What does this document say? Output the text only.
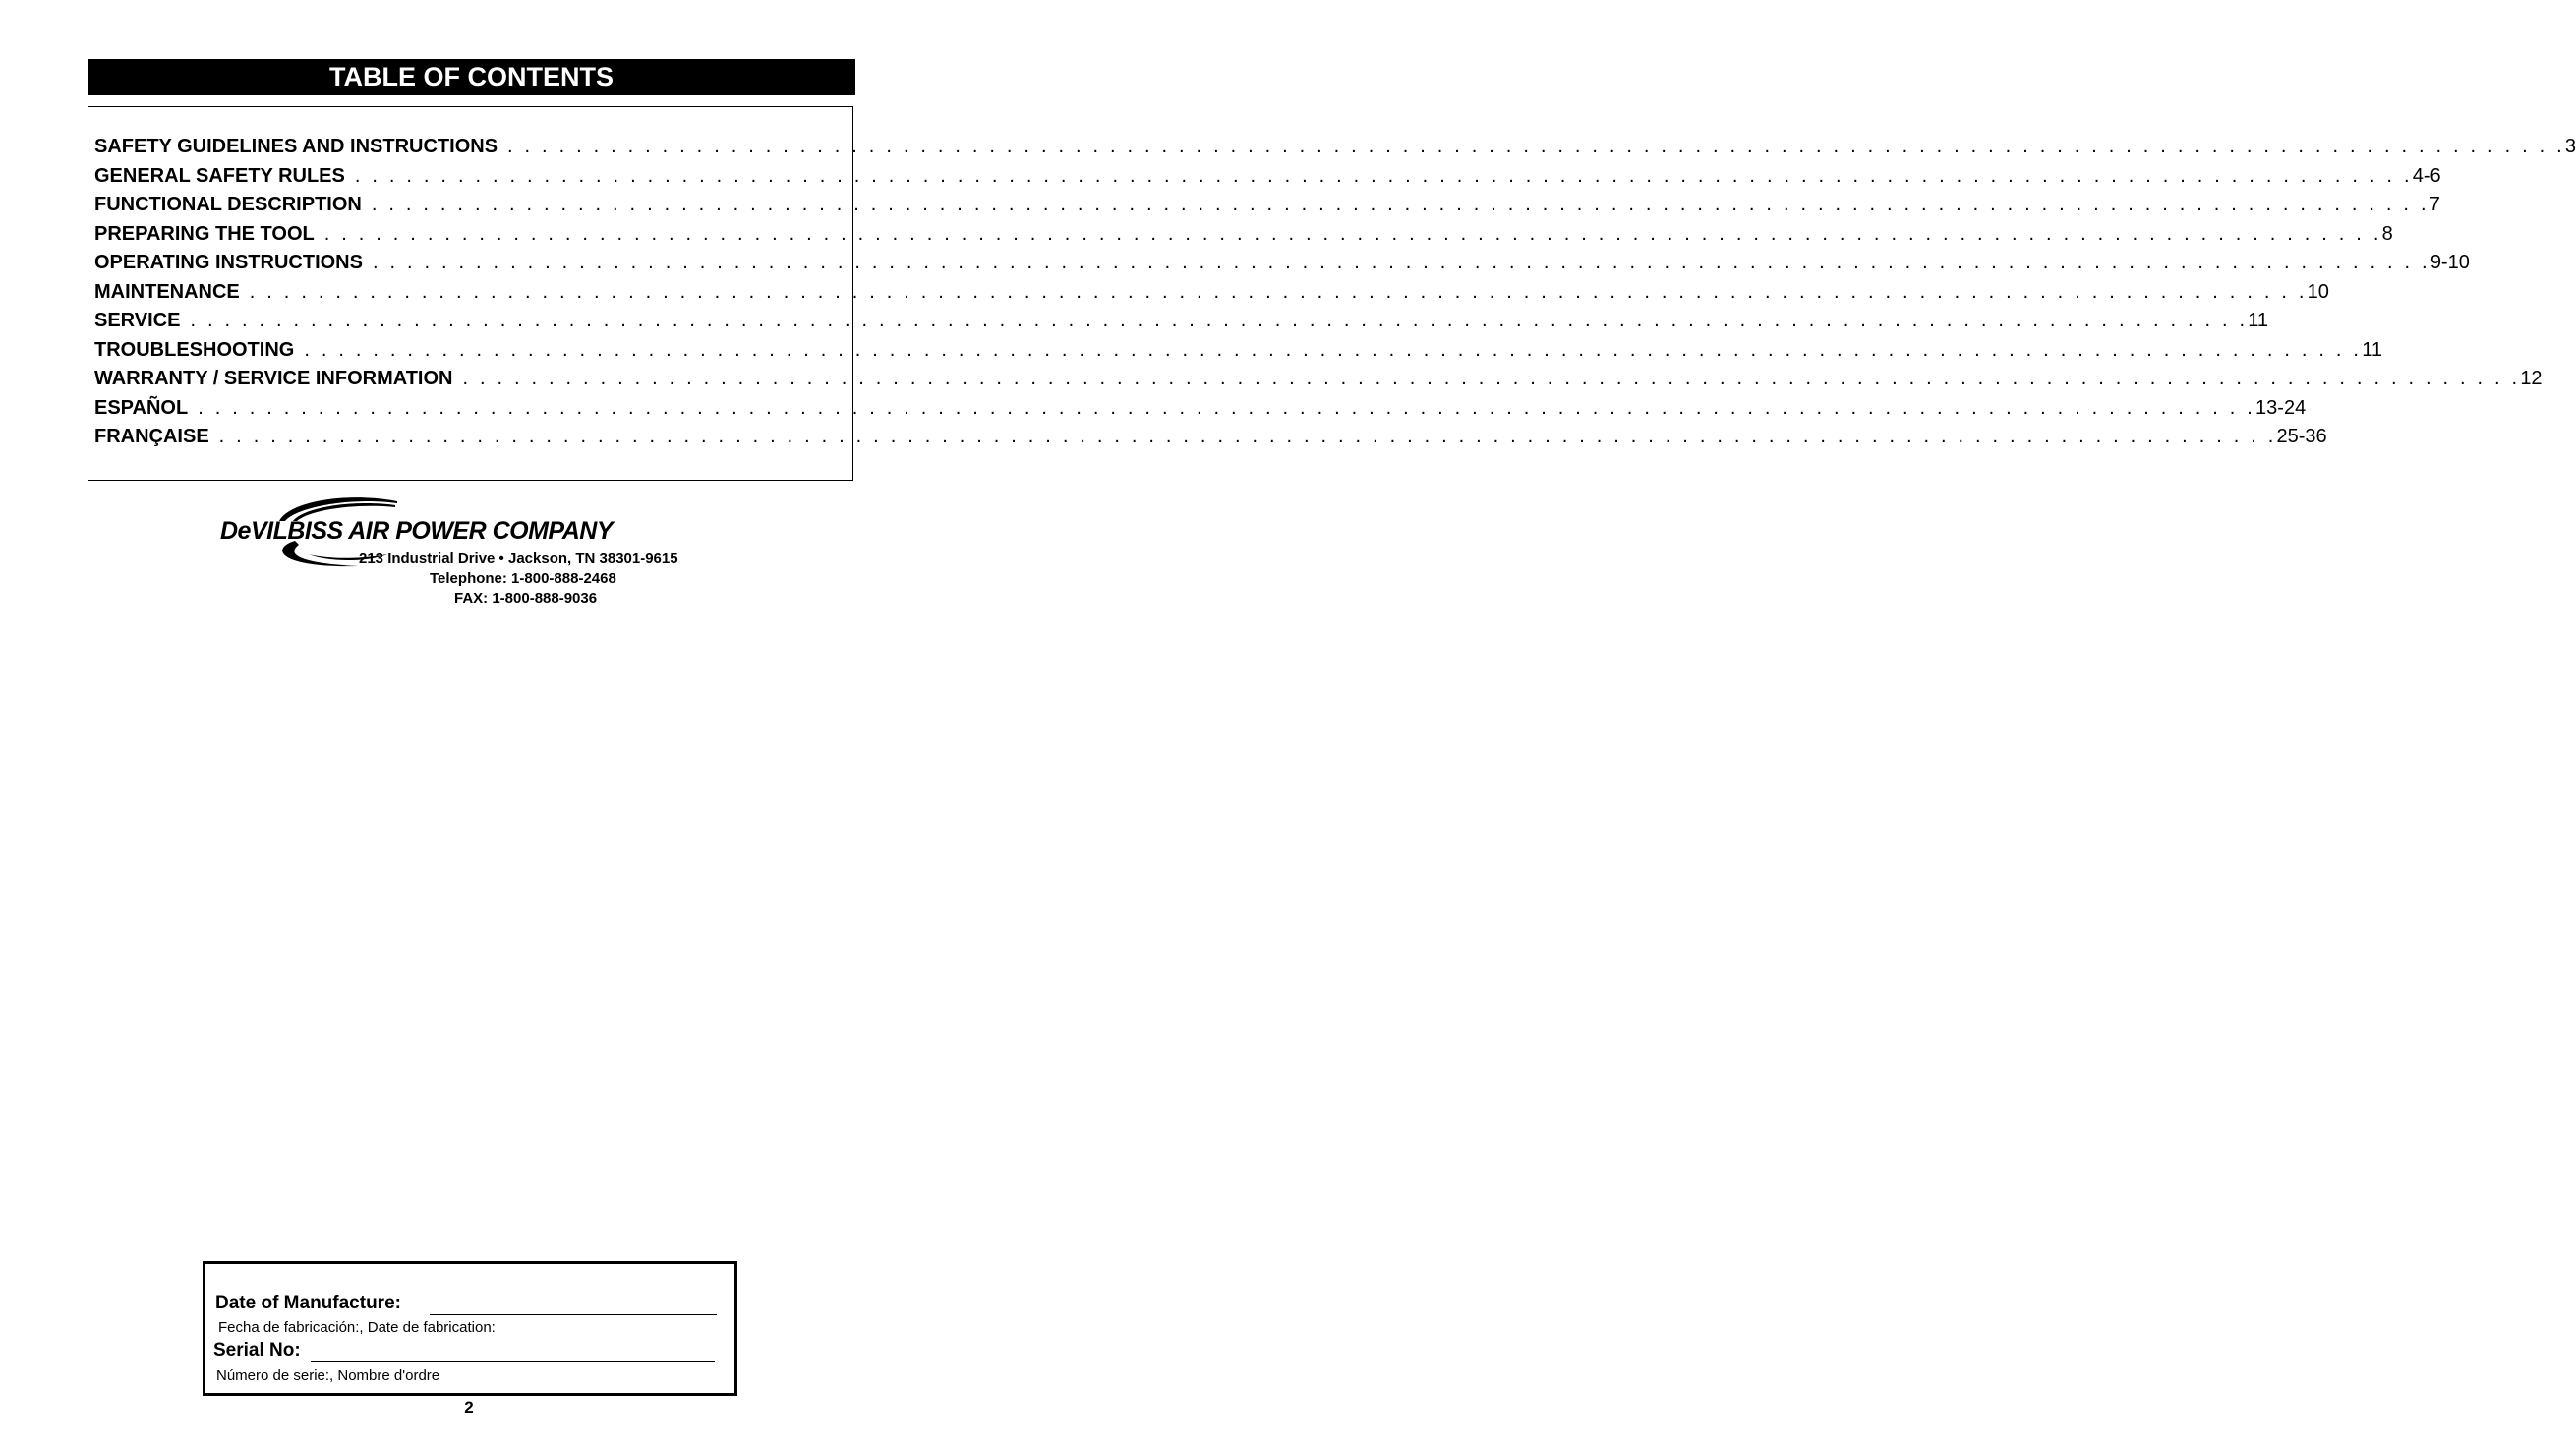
TABLE OF CONTENTS
SAFETY GUIDELINES AND INSTRUCTIONS . . . . . . . . . . . . . . . . . . . . . . . . . . . . . . . . . . . . . . . . . . . . . . . . . . . . . . . . . . . . . . . . . . . . . . . . . . . . . . . . . . . . . . . . . . . . . . . . . . . . . . . . . . . . . . . . . . . . . . . . 3
GENERAL SAFETY RULES . . . . . . . . . . . . . . . . . . . . . . . . . . . . . . . . . . . . . . . . . . . . . . . . . . . . . . . . . . . . . . . . . . . . . . . . . . . . . . . . . . . . . . . . . . . . . . . . . . . . . . . . . . . . . . . . . . . . . . . . 4-6
FUNCTIONAL DESCRIPTION . . . . . . . . . . . . . . . . . . . . . . . . . . . . . . . . . . . . . . . . . . . . . . . . . . . . . . . . . . . . . . . . . . . . . . . . . . . . . . . . . . . . . . . . . . . . . . . . . . . . . . . . . . . . . . . . . . . . . . . . 7
PREPARING THE TOOL . . . . . . . . . . . . . . . . . . . . . . . . . . . . . . . . . . . . . . . . . . . . . . . . . . . . . . . . . . . . . . . . . . . . . . . . . . . . . . . . . . . . . . . . . . . . . . . . . . . . . . . . . . . . . . . . . . . . . . . . 8
OPERATING INSTRUCTIONS . . . . . . . . . . . . . . . . . . . . . . . . . . . . . . . . . . . . . . . . . . . . . . . . . . . . . . . . . . . . . . . . . . . . . . . . . . . . . . . . . . . . . . . . . . . . . . . . . . . . . . . . . . . . . . . . . . . . . . . . 9-10
MAINTENANCE . . . . . . . . . . . . . . . . . . . . . . . . . . . . . . . . . . . . . . . . . . . . . . . . . . . . . . . . . . . . . . . . . . . . . . . . . . . . . . . . . . . . . . . . . . . . . . . . . . . . . . . . . . . . . . . . . . . . . . . . 10
SERVICE . . . . . . . . . . . . . . . . . . . . . . . . . . . . . . . . . . . . . . . . . . . . . . . . . . . . . . . . . . . . . . . . . . . . . . . . . . . . . . . . . . . . . . . . . . . . . . . . . . . . . . . . . . . . . . . . . . . . . . . . 11
TROUBLESHOOTING . . . . . . . . . . . . . . . . . . . . . . . . . . . . . . . . . . . . . . . . . . . . . . . . . . . . . . . . . . . . . . . . . . . . . . . . . . . . . . . . . . . . . . . . . . . . . . . . . . . . . . . . . . . . . . . . . . . . . . . . 11
WARRANTY / SERVICE INFORMATION . . . . . . . . . . . . . . . . . . . . . . . . . . . . . . . . . . . . . . . . . . . . . . . . . . . . . . . . . . . . . . . . . . . . . . . . . . . . . . . . . . . . . . . . . . . . . . . . . . . . . . . . . . . . . . . . . . . . . . . . 12
ESPAÑOL . . . . . . . . . . . . . . . . . . . . . . . . . . . . . . . . . . . . . . . . . . . . . . . . . . . . . . . . . . . . . . . . . . . . . . . . . . . . . . . . . . . . . . . . . . . . . . . . . . . . . . . . . . . . . . . . . . . . . . . . 13-24
FRANÇAISE . . . . . . . . . . . . . . . . . . . . . . . . . . . . . . . . . . . . . . . . . . . . . . . . . . . . . . . . . . . . . . . . . . . . . . . . . . . . . . . . . . . . . . . . . . . . . . . . . . . . . . . . . . . . . . . . . . . . . . . . 25-36
DeVILBISS AIR POWER COMPANY
213 Industrial Drive • Jackson, TN 38301-9615
Telephone: 1-800-888-2468
FAX: 1-800-888-9036
Date of Manufacture:
Fecha de fabricación:, Date de fabrication:
Serial No:
Número de serie:, Nombre d'ordre
2
